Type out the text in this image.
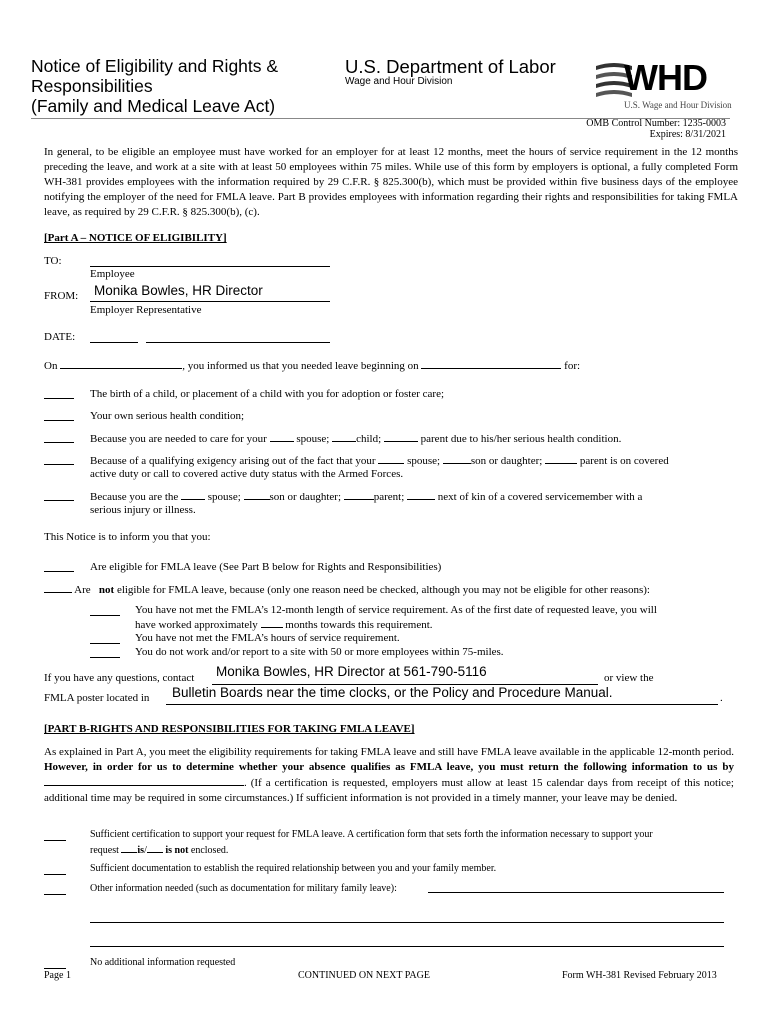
Notice of Eligibility and Rights &
Responsibilities
(Family and Medical Leave Act)
U.S. Department of Labor
Wage and Hour Division	WHD
U.S. Wage and Hour Division
OMB Control Number: 1235-0003
Expires: 8/31/2021
In general, to be eligible an employee must have worked for an employer for at least 12 months, meet the hours of service requirement in the 12 months preceding the leave, and work at a site with at least 50 employees within 75 miles. While use of this form by employers is optional, a fully completed Form WH-381 provides employees with the information required by 29 C.F.R. § 825.300(b), which must be provided within five business days of the employee notifying the employer of the need for FMLA leave. Part B provides employees with information regarding their rights and responsibilities for taking FMLA leave, as required by 29 C.F.R. § 825.300(b), (c).
[Part A – NOTICE OF ELIGIBILITY]
TO:
Employee
FROM: Monika Bowles, HR Director
Employer Representative
DATE:
On	, you informed us that you needed leave beginning on	for:
The birth of a child, or placement of a child with you for adoption or foster care;
Your own serious health condition;
Because you are needed to care for your	spouse; child;	parent due to his/her serious health condition.
Because of a qualifying exigency arising out of the fact that your	spouse;	son or daughter;	parent is on covered
active duty or call to covered active duty status with the Armed Forces.
Because you are the	spouse;	son or daughter;	parent;	next of kin of a covered servicemember with a
serious injury or illness.
This Notice is to inform you that you:
Are eligible for FMLA leave (See Part B below for Rights and Responsibilities)
Are not eligible for FMLA leave, because (only one reason need be checked, although you may not be eligible for other reasons):
You have not met the FMLA’s 12-month length of service requirement. As of the first date of requested leave, you will
have worked approximately	months towards this requirement.
You have not met the FMLA’s hours of service requirement.
You do not work and/or report to a site with 50 or more employees within 75-miles.
If you have any questions, contact Monika Bowles, HR Director at 561-790-5116	or view the
FMLA poster located in Bulletin Boards near the time clocks, or the Policy and Procedure Manual.	.
[PART B-RIGHTS AND RESPONSIBILITIES FOR TAKING FMLA LEAVE]
As explained in Part A, you meet the eligibility requirements for taking FMLA leave and still have FMLA leave available in the applicable 12-month period. However, in order for us to determine whether your absence qualifies as FMLA leave, you must return the following information to us by . (If a certification is requested, employers must allow at least 15 calendar days from receipt of this notice; additional time may be required in some circumstances.) If sufficient information is not provided in a timely manner, your leave may be denied.
Sufficient certification to support your request for FMLA leave. A certification form that sets forth the information necessary to support your
request is/ is not enclosed.
Sufficient documentation to establish the required relationship between you and your family member.
Other information needed (such as documentation for military family leave):
No additional information requested
Page 1	CONTINUED ON NEXT PAGE	Form WH-381 Revised February 2013
